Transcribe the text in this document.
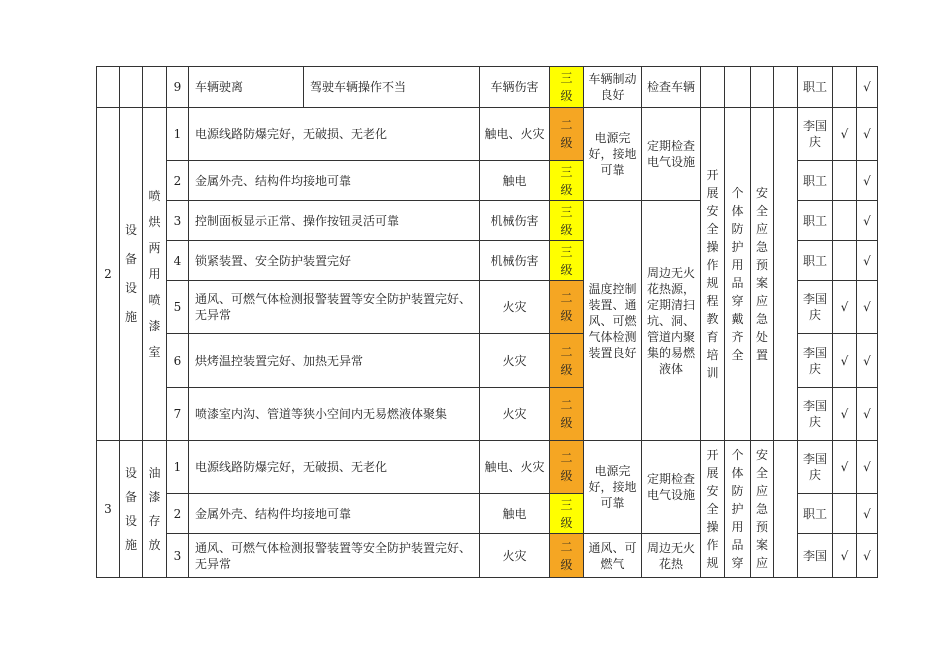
			9	车辆驶离	驾驶车辆操作不当	车辆伤害	三级	车辆制动良好	检查车辆					职工		√
2	设备设施	喷烘两用喷漆室	1	电源线路防爆完好，无破损、无老化		触电、火灾	二级	电源完好，接地可靠	定期检查电气设施	开展安全操作规程教育培训	个体防护用品穿戴齐全	安全应急预案应急处置		李国庆	√	√
			2	金属外壳、结构件均接地可靠		触电	三级							职工		√
			3	控制面板显示正常、操作按钮灵活可靠		机械伤害	三级	温度控制装置、通风、可燃气体检测装置良好	周边无火花热源，定期清扫坑、洞、管道内聚集的易燃液体					职工		√
			4	锁紧装置、安全防护装置完好		机械伤害	三级							职工		√
			5	通风、可燃气体检测报警装置等安全防护装置完好、无异常		火灾	二级							李国庆	√	√
			6	烘烤温控装置完好、加热无异常		火灾	二级							李国庆	√	√
			7	喷漆室内沟、管道等狭小空间内无易燃液体聚集		火灾	二级							李国庆	√	√
3	设备设施	油漆存放	1	电源线路防爆完好，无破损、无老化		触电、火灾	二级	电源完好，接地可靠	定期检查电气设施	开展安全操作规	个体防护用品穿	安全应急预案应		李国庆	√	√
			2	金属外壳、结构件均接地可靠		触电	三级							职工		√
			3	通风、可燃气体检测报警装置等安全防护装置完好、无异常		火灾	二级	通风、可燃气	周边无火花热					李国	√	√
